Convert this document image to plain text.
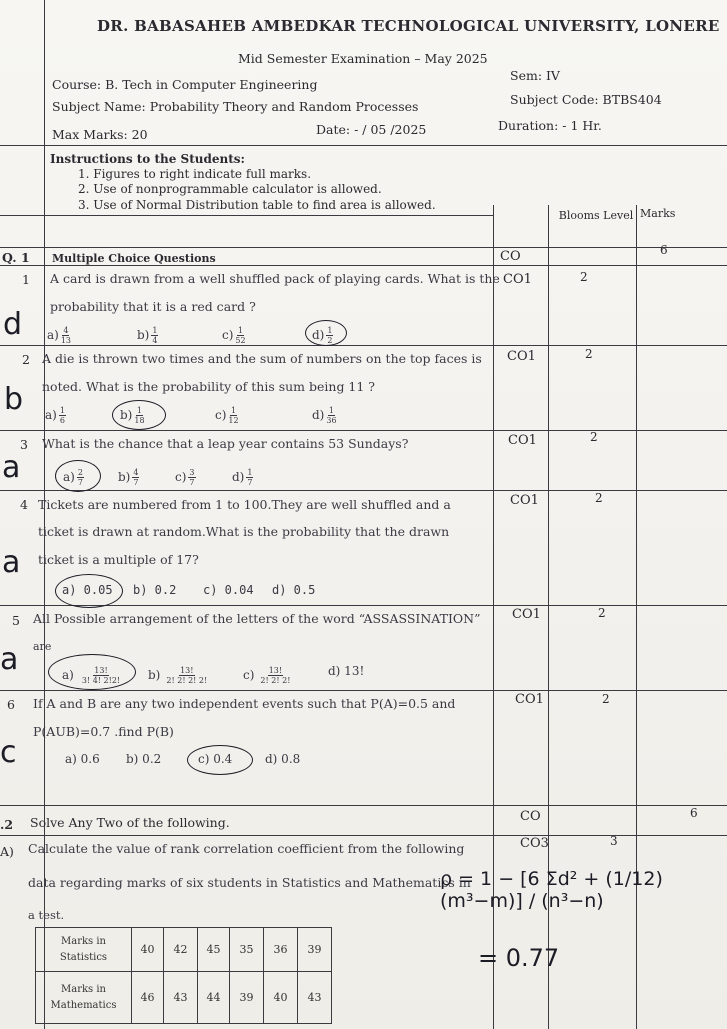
DR. BABASAHEB AMBEDKAR TECHNOLOGICAL UNIVERSITY, LONERE
Mid Semester Examination – May 2025
Course: B. Tech in Computer Engineering
Sem: IV
Subject Name: Probability Theory and Random Processes	Subject Code: BTBS404
Max Marks: 20	Date: - / 05 /2025	Duration: - 1 Hr.
Instructions to the Students:
1. Figures to right indicate full marks.
2. Use of nonprogrammable calculator is allowed.
3. Use of Normal Distribution table to find area is allowed.
Blooms Level Marks
Q. 1 Multiple Choice Questions	CO	6
1 A card is drawn from a well shuffled pack of playing cards. What is the
probability that it is a red card ?
$a) \frac{4}{13}$	$b) \frac{1}{4}$	$c) \frac{1}{52}$	$d) \frac{1}{2}$
d
CO1	2
2 A die is thrown two times and the sum of numbers on the top faces is
noted. What is the probability of this sum being 11 ?
$a) \frac{1}{6}$	$b) \frac{1}{18}$	$c) \frac{1}{12}$	$d) \frac{1}{36}$
b
CO1	2
3 What is the chance that a leap year contains 53 Sundays?
$a) \frac{2}{7}$	$b) \frac{4}{7}$	$c) \frac{3}{7}$	$d) \frac{1}{7}$
a
CO1	2
4 Tickets are numbered from 1 to 100.They are well shuffled and a
ticket is drawn at random.What is the probability that the drawn
ticket is a multiple of 17?
a) 0.05 b) 0.2 c) 0.04 d) 0.5
a
CO1	2
5 All Possible arrangement of the letters of the word “ASSASSINATION”
are
$a) \frac{13!}{3! 4! 2!2!} b) \frac{13!}{2! 2! 2! 2!}$	$c) \frac{13!}{2! 2! 2!}$	d) 13!
a
CO1	2
6 If A and B are any two independent events such that P(A)=0.5 and
P(AUB)=0.7 .find P(B)
a) 0.6 b) 0.2	c) 0.4	d) 0.8
c
CO1	2
.2 Solve Any Two of the following.	CO	6
A) Calculate the value of rank correlation coefficient from the following
data regarding marks of six students in Statistics and Mathematics in
a test.
CO3	3
Marks in
Statistics	40	42	45	35	36	39

Marks in
Mathematics	46	43	44	39	40	43
ρ = 1 − [6 Σd² + (1/12)(m³−m)] / (n³−n)
= 0.77
